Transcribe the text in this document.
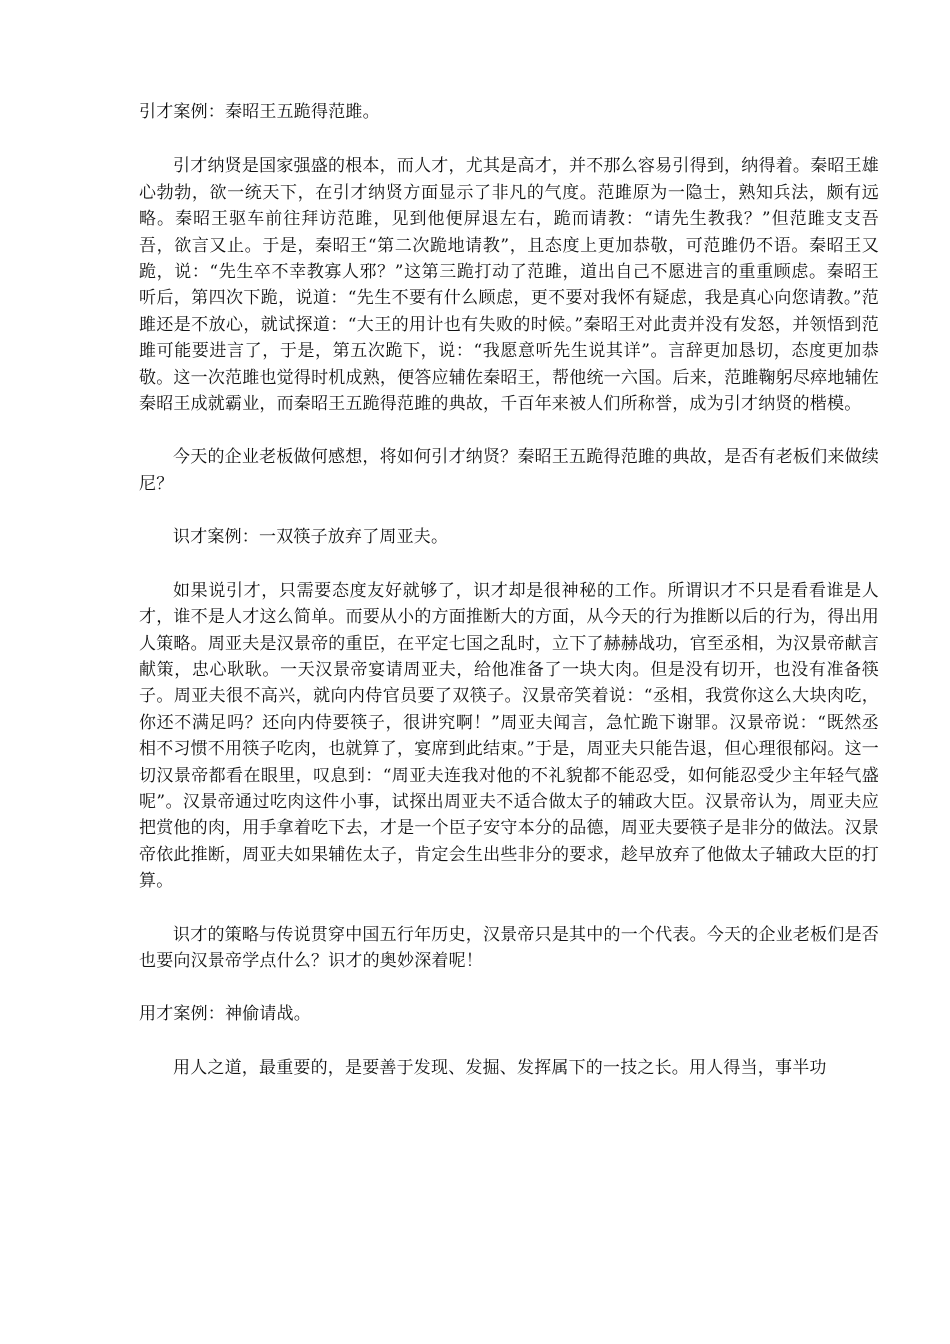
引才案例：秦昭王五跪得范雎。

引才纳贤是国家强盛的根本，而人才，尤其是高才，并不那么容易引得到，纳得着。秦昭王雄心勃勃，欲一统天下，在引才纳贤方面显示了非凡的气度。范雎原为一隐士，熟知兵法，颇有远略。秦昭王驱车前往拜访范雎，见到他便屏退左右，跪而请教：“请先生教我？”但范雎支支吾吾，欲言又止。于是，秦昭王“第二次跪地请教”，且态度上更加恭敬，可范雎仍不语。秦昭王又跪，说：“先生卒不幸教寡人邪？”这第三跪打动了范雎，道出自己不愿进言的重重顾虑。秦昭王听后，第四次下跪，说道：“先生不要有什么顾虑，更不要对我怀有疑虑，我是真心向您请教。”范雎还是不放心，就试探道：“大王的用计也有失败的时候。”秦昭王对此责并没有发怒，并领悟到范雎可能要进言了，于是，第五次跪下，说：“我愿意听先生说其详”。言辞更加恳切，态度更加恭敬。这一次范雎也觉得时机成熟，便答应辅佐秦昭王，帮他统一六国。后来，范雎鞠躬尽瘁地辅佐秦昭王成就霸业，而秦昭王五跪得范雎的典故，千百年来被人们所称誉，成为引才纳贤的楷模。

今天的企业老板做何感想，将如何引才纳贤？秦昭王五跪得范雎的典故，是否有老板们来做续尼？

识才案例：一双筷子放弃了周亚夫。

如果说引才，只需要态度友好就够了，识才却是很神秘的工作。所谓识才不只是看看谁是人才，谁不是人才这么简单。而要从小的方面推断大的方面，从今天的行为推断以后的行为，得出用人策略。周亚夫是汉景帝的重臣，在平定七国之乱时，立下了赫赫战功，官至丞相，为汉景帝献言献策，忠心耿耿。一天汉景帝宴请周亚夫，给他准备了一块大肉。但是没有切开，也没有准备筷子。周亚夫很不高兴，就向内侍官员要了双筷子。汉景帝笑着说：“丞相，我赏你这么大块肉吃，你还不满足吗？还向内侍要筷子，很讲究啊！”周亚夫闻言，急忙跪下谢罪。汉景帝说：“既然丞相不习惯不用筷子吃肉，也就算了，宴席到此结束。”于是，周亚夫只能告退，但心理很郁闷。这一切汉景帝都看在眼里，叹息到：“周亚夫连我对他的不礼貌都不能忍受，如何能忍受少主年轻气盛呢”。汉景帝通过吃肉这件小事，试探出周亚夫不适合做太子的辅政大臣。汉景帝认为，周亚夫应把赏他的肉，用手拿着吃下去，才是一个臣子安守本分的品德，周亚夫要筷子是非分的做法。汉景帝依此推断，周亚夫如果辅佐太子，肯定会生出些非分的要求，趁早放弃了他做太子辅政大臣的打算。

识才的策略与传说贯穿中国五行年历史，汉景帝只是其中的一个代表。今天的企业老板们是否也要向汉景帝学点什么？识才的奥妙深着呢！

用才案例：神偷请战。

用人之道，最重要的，是要善于发现、发掘、发挥属下的一技之长。用人得当，事半功
